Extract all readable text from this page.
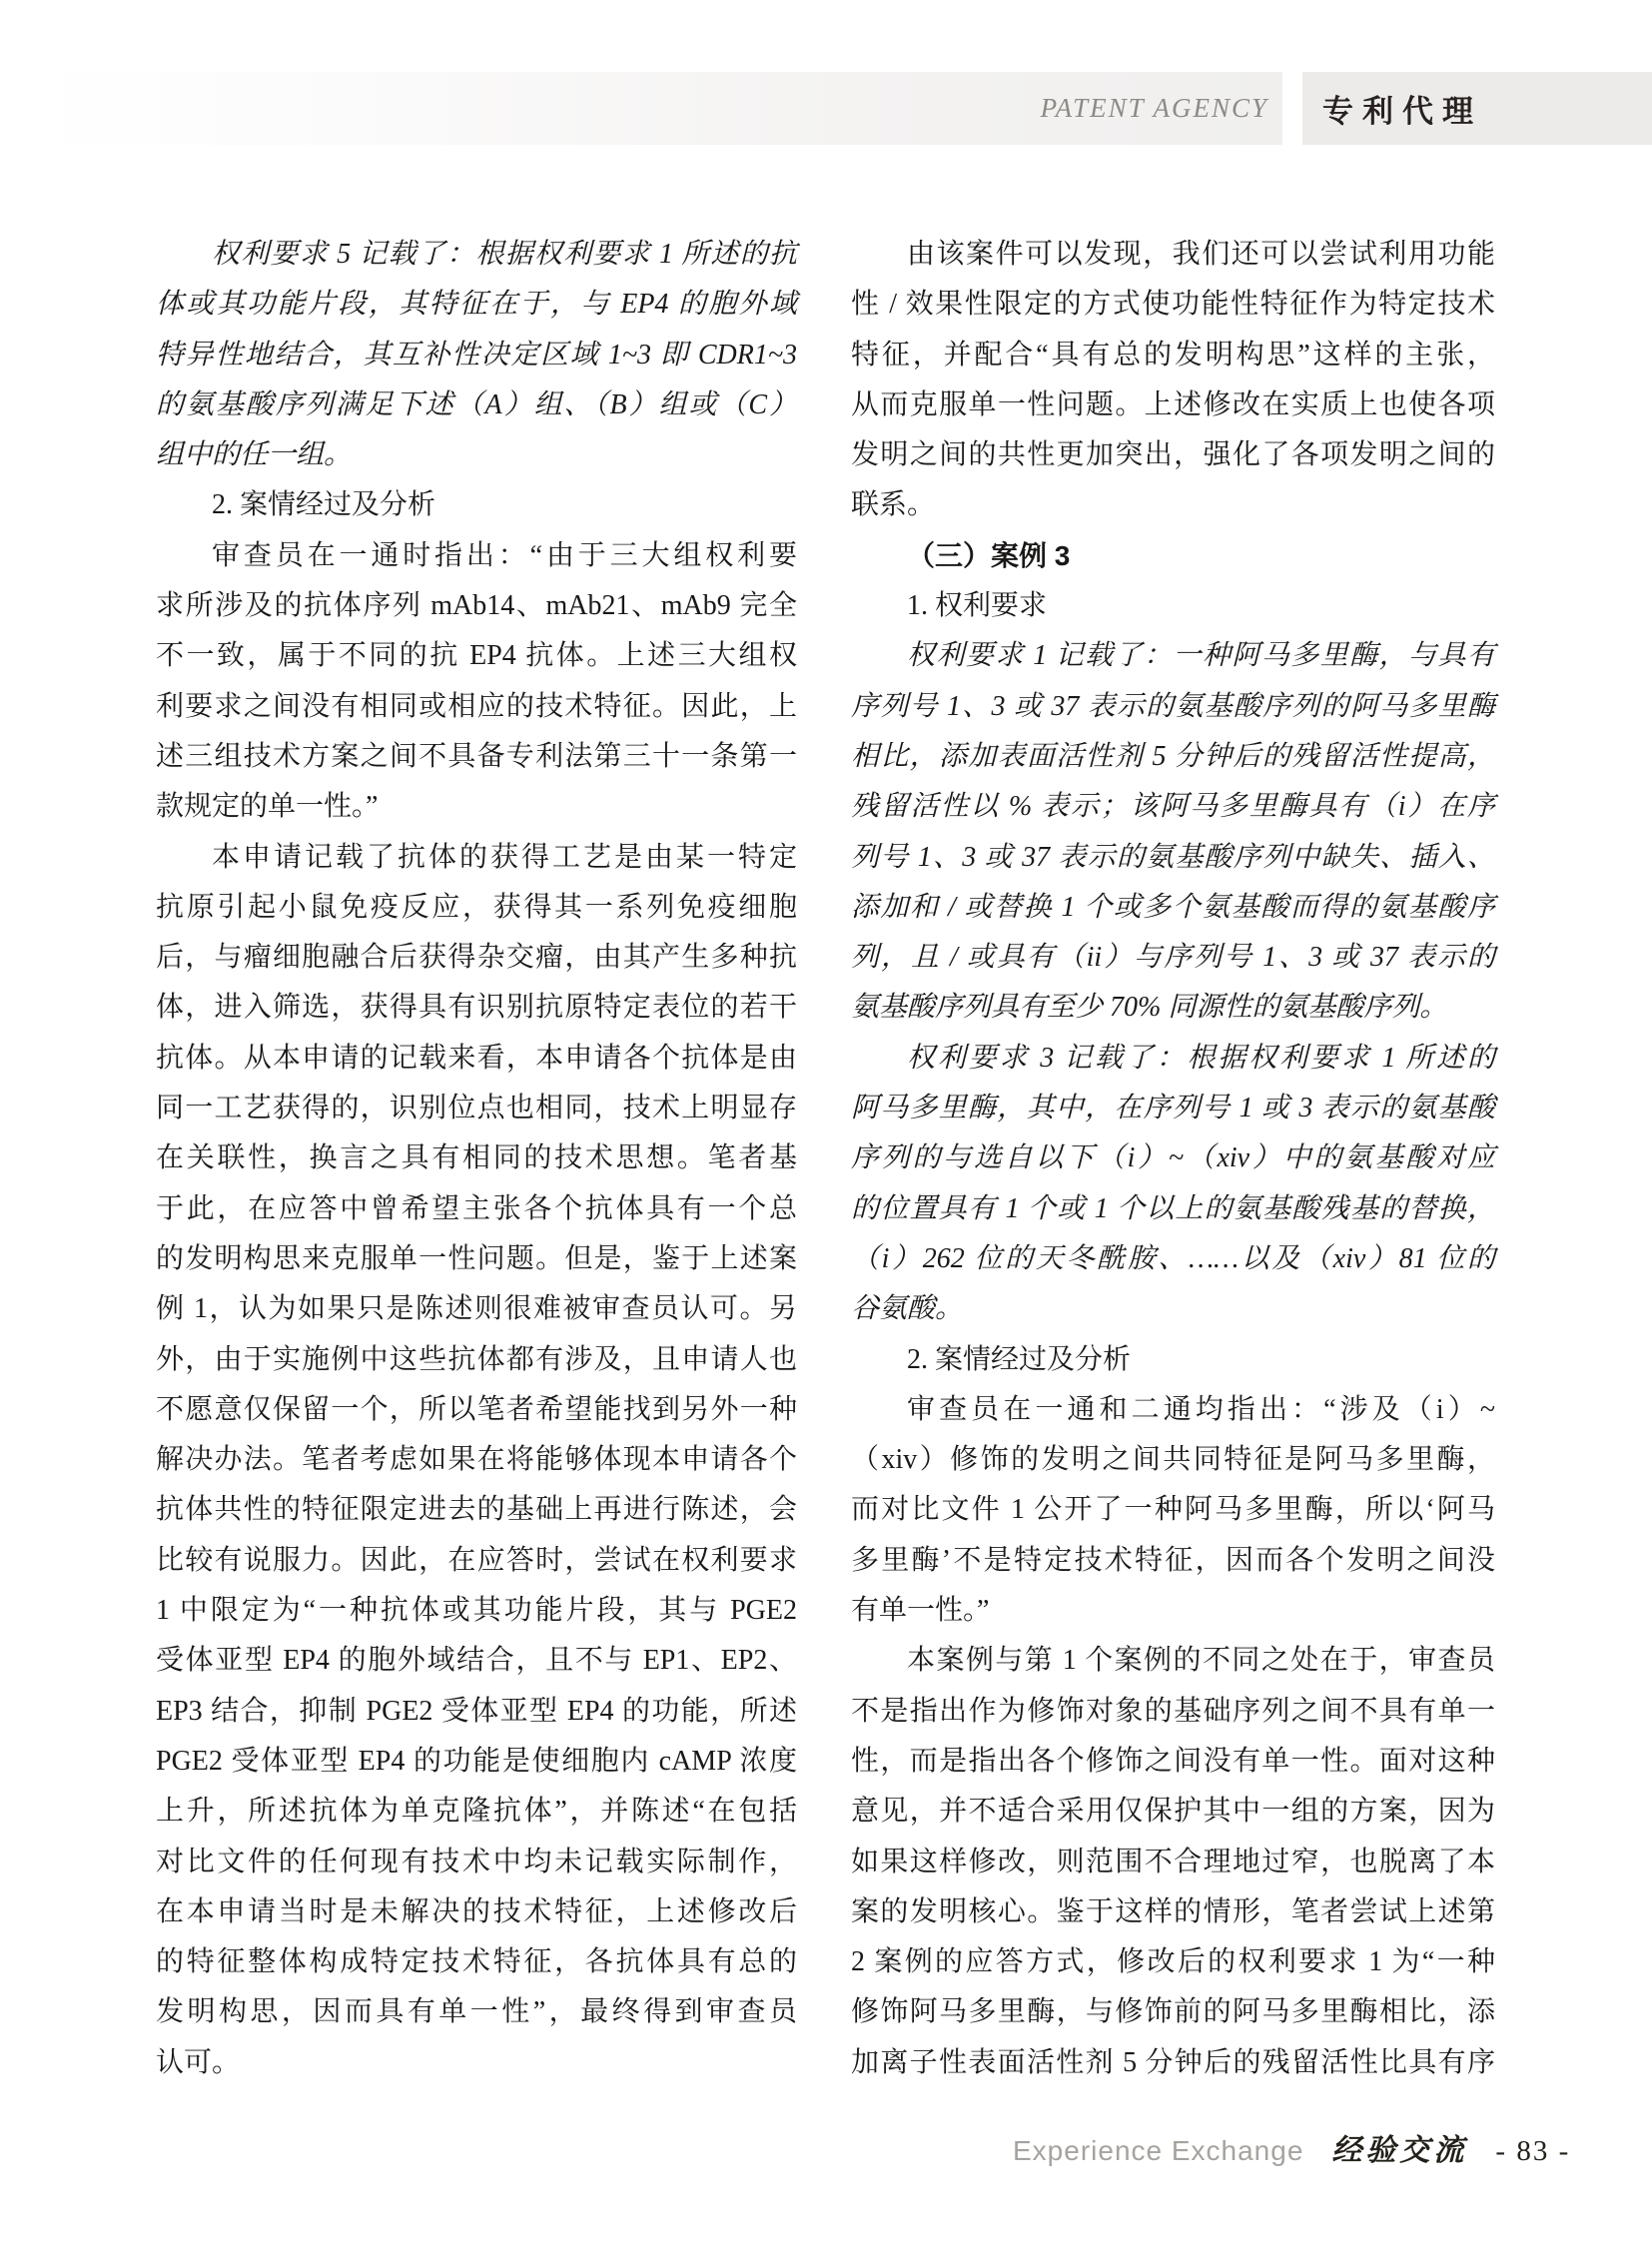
PATENT AGENCY 专利代理
权利要求 5 记载了：根据权利要求 1 所述的抗
体或其功能片段，其特征在于，与 EP4 的胞外域
特异性地结合，其互补性决定区域 1~3 即 CDR1~3
的氨基酸序列满足下述（A）组、（B）组或（C）
组中的任一组。
2. 案情经过及分析
审查员在一通时指出：“由于三大组权利要
求所涉及的抗体序列 mAb14、mAb21、mAb9 完全
不一致，属于不同的抗 EP4 抗体。上述三大组权
利要求之间没有相同或相应的技术特征。因此，上
述三组技术方案之间不具备专利法第三十一条第一
款规定的单一性。”
本申请记载了抗体的获得工艺是由某一特定
抗原引起小鼠免疫反应，获得其一系列免疫细胞
后，与瘤细胞融合后获得杂交瘤，由其产生多种抗
体，进入筛选，获得具有识别抗原特定表位的若干
抗体。从本申请的记载来看，本申请各个抗体是由
同一工艺获得的，识别位点也相同，技术上明显存
在关联性，换言之具有相同的技术思想。笔者基
于此，在应答中曾希望主张各个抗体具有一个总
的发明构思来克服单一性问题。但是，鉴于上述案
例 1，认为如果只是陈述则很难被审查员认可。另
外，由于实施例中这些抗体都有涉及，且申请人也
不愿意仅保留一个，所以笔者希望能找到另外一种
解决办法。笔者考虑如果在将能够体现本申请各个
抗体共性的特征限定进去的基础上再进行陈述，会
比较有说服力。因此，在应答时，尝试在权利要求
1 中限定为“一种抗体或其功能片段，其与 PGE2
受体亚型 EP4 的胞外域结合，且不与 EP1、EP2、
EP3 结合，抑制 PGE2 受体亚型 EP4 的功能，所述
PGE2 受体亚型 EP4 的功能是使细胞内 cAMP 浓度
上升，所述抗体为单克隆抗体”，并陈述“在包括
对比文件的任何现有技术中均未记载实际制作，
在本申请当时是未解决的技术特征，上述修改后
的特征整体构成特定技术特征，各抗体具有总的
发明构思，因而具有单一性”，最终得到审查员
认可。
由该案件可以发现，我们还可以尝试利用功能
性 / 效果性限定的方式使功能性特征作为特定技术
特征，并配合“具有总的发明构思”这样的主张，
从而克服单一性问题。上述修改在实质上也使各项
发明之间的共性更加突出，强化了各项发明之间的
联系。
（三）案例 3
1. 权利要求
权利要求 1 记载了：一种阿马多里酶，与具有
序列号 1、3 或 37 表示的氨基酸序列的阿马多里酶
相比，添加表面活性剂 5 分钟后的残留活性提高，
残留活性以 % 表示；该阿马多里酶具有（i）在序
列号 1、3 或 37 表示的氨基酸序列中缺失、插入、
添加和 / 或替换 1 个或多个氨基酸而得的氨基酸序
列，且 / 或具有（ii）与序列号 1、3 或 37 表示的
氨基酸序列具有至少 70% 同源性的氨基酸序列。
权利要求 3 记载了：根据权利要求 1 所述的
阿马多里酶，其中，在序列号 1 或 3 表示的氨基酸
序列的与选自以下（i）~（xiv）中的氨基酸对应
的位置具有 1 个或 1 个以上的氨基酸残基的替换，
（i）262 位的天冬酰胺、……以及（xiv）81 位的
谷氨酸。
2. 案情经过及分析
审查员在一通和二通均指出：“涉及（i）~
（xiv）修饰的发明之间共同特征是阿马多里酶，
而对比文件 1 公开了一种阿马多里酶，所以‘阿马
多里酶’不是特定技术特征，因而各个发明之间没
有单一性。”
本案例与第 1 个案例的不同之处在于，审查员
不是指出作为修饰对象的基础序列之间不具有单一
性，而是指出各个修饰之间没有单一性。面对这种
意见，并不适合采用仅保护其中一组的方案，因为
如果这样修改，则范围不合理地过窄，也脱离了本
案的发明核心。鉴于这样的情形，笔者尝试上述第
2 案例的应答方式，修改后的权利要求 1 为“一种
修饰阿马多里酶，与修饰前的阿马多里酶相比，添
加离子性表面活性剂 5 分钟后的残留活性比具有序
Experience Exchange 经验交流 - 83 -
